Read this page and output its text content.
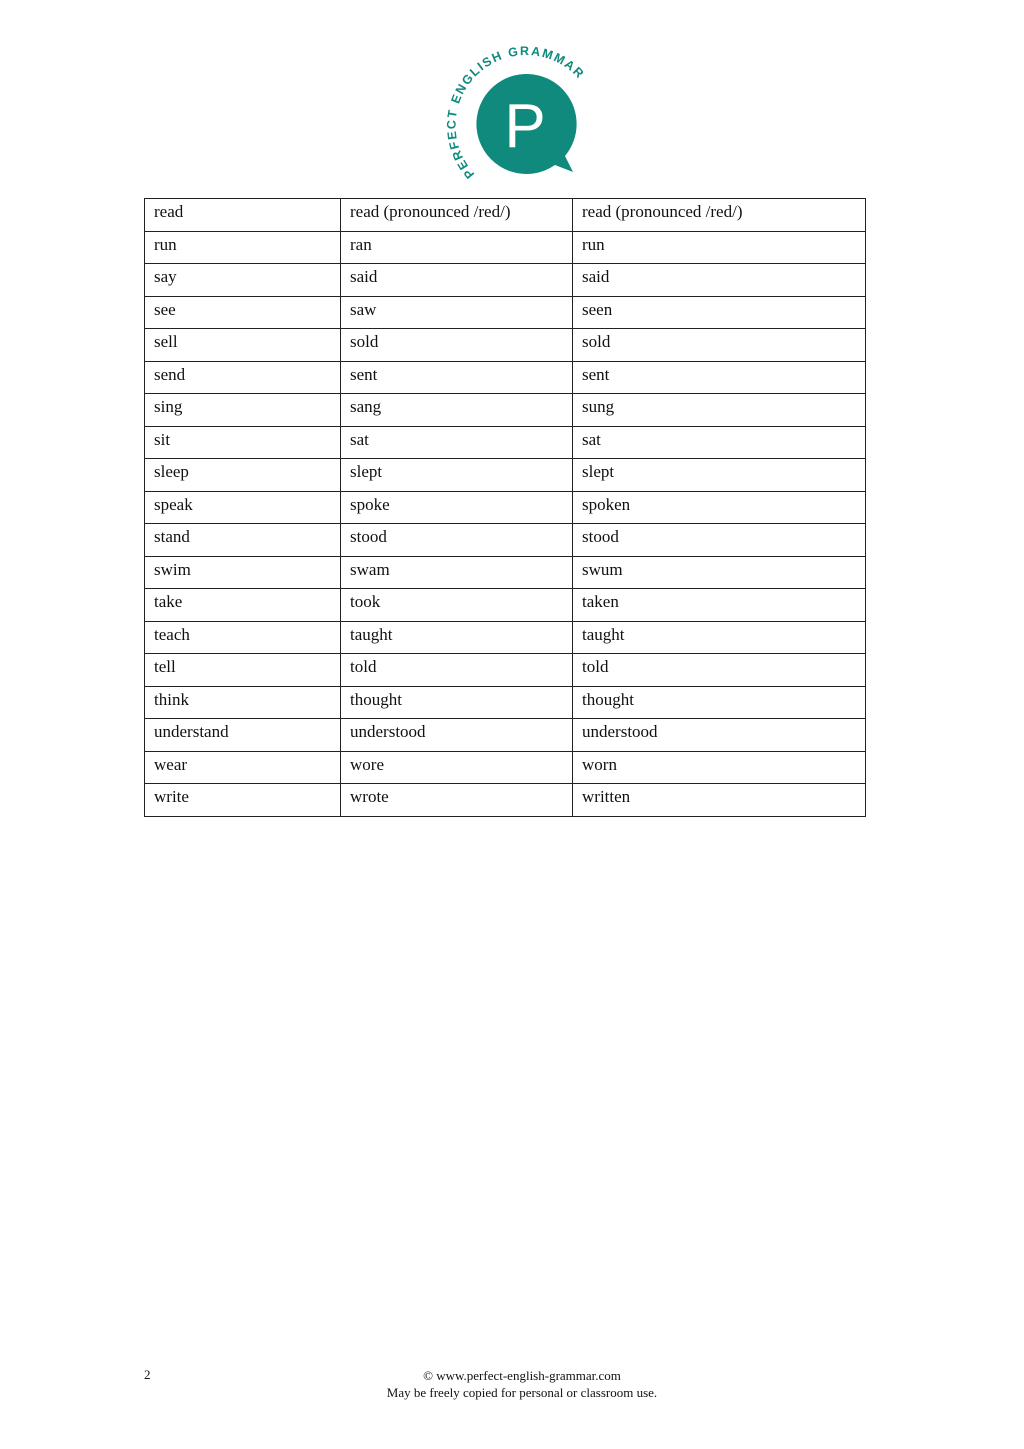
PERFECT ENGLISH GRAMMAR
P
read	read (pronounced /red/)	read (pronounced /red/)
run	ran	run
say	said	said
see	saw	seen
sell	sold	sold
send	sent	sent
sing	sang	sung
sit	sat	sat
sleep	slept	slept
speak	spoke	spoken
stand	stood	stood
swim	swam	swum
take	took	taken
teach	taught	taught
tell	told	told
think	thought	thought
understand	understood	understood
wear	wore	worn
write	wrote	written
2	© www.perfect-english-grammar.com
May be freely copied for personal or classroom use.
